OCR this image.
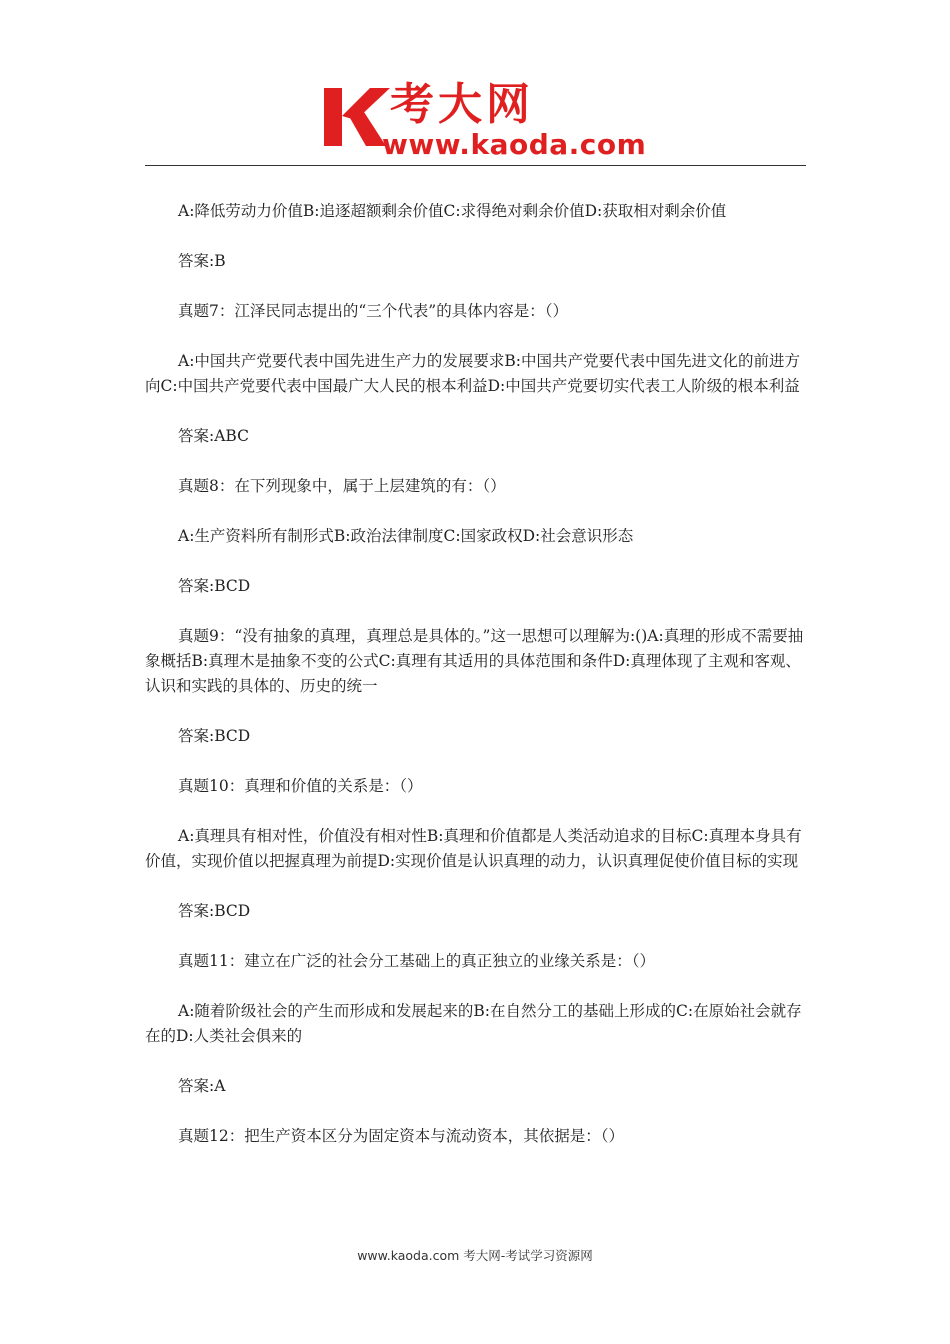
考大网
www.kaoda.com

A:降低劳动力价值B:追逐超额剩余价值C:求得绝对剩余价值D:获取相对剩余价值

答案:B

真题7：江泽民同志提出的“三个代表”的具体内容是：（）

A:中国共产党要代表中国先进生产力的发展要求B:中国共产党要代表中国先进文化的前进方向C:中国共产党要代表中国最广大人民的根本利益D:中国共产党要切实代表工人阶级的根本利益

答案:ABC

真题8：在下列现象中，属于上层建筑的有：（）

A:生产资料所有制形式B:政治法律制度C:国家政权D:社会意识形态

答案:BCD

真题9：“没有抽象的真理，真理总是具体的。”这一思想可以理解为:()A:真理的形成不需要抽象概括B:真理木是抽象不变的公式C:真理有其适用的具体范围和条件D:真理体现了主观和客观、认识和实践的具体的、历史的统一

答案:BCD

真题10：真理和价值的关系是：（）

A:真理具有相对性，价值没有相对性B:真理和价值都是人类活动追求的目标C:真理本身具有价值，实现价值以把握真理为前提D:实现价值是认识真理的动力，认识真理促使价值目标的实现

答案:BCD

真题11：建立在广泛的社会分工基础上的真正独立的业缘关系是：（）

A:随着阶级社会的产生而形成和发展起来的B:在自然分工的基础上形成的C:在原始社会就存在的D:人类社会俱来的

答案:A

真题12：把生产资本区分为固定资本与流动资本，其依据是：（）

www.kaoda.com 考大网-考试学习资源网
